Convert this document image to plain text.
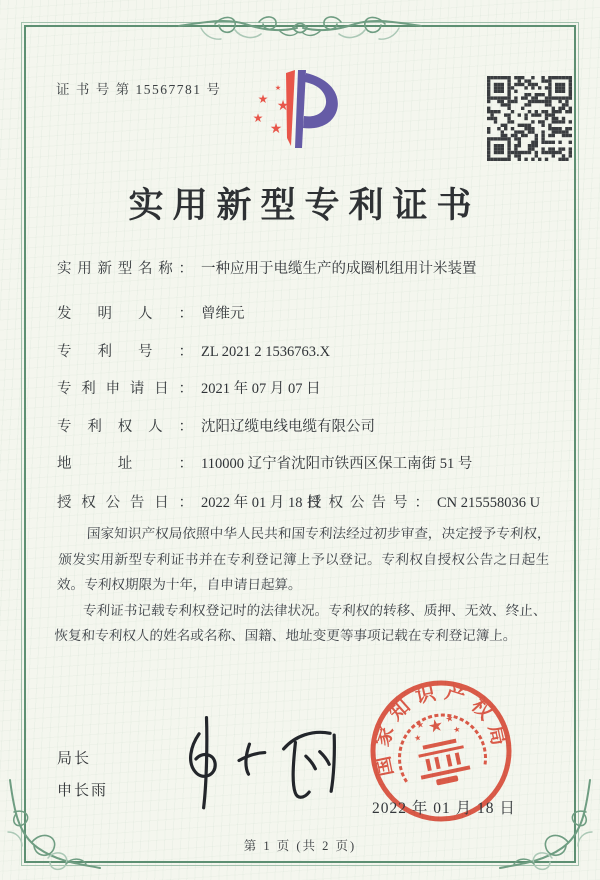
证 书 号 第 15567781 号
★ ★
★
★
★
实用新型专利证书
实用新型名称： 一种应用于电缆生产的成圈机组用计米装置
发明人： 曾维元
专利号： ZL 2021 2 1536763.X
专利申请日： 2021 年 07 月 07 日
专利权人： 沈阳辽缆电线电缆有限公司
地址： 110000 辽宁省沈阳市铁西区保工南街 51 号
授权公告日： 2022 年 01 月 18 日
授权公告号： CN 215558036 U

国家知识产权局依照中华人民共和国专利法经过初步审查，决定授予专利权，颁发实用新型专利证书并在专利登记簿上予以登记。专利权自授权公告之日起生效。专利权期限为十年，自申请日起算。

专利证书记载专利权登记时的法律状况。专利权的转移、质押、无效、终止、恢复和专利权人的姓名或名称、国籍、地址变更等事项记载在专利登记簿上。

局长
申长雨
国家知识产权局
★
★
★
★
★
2022 年 01 月 18 日
第 1 页 (共 2 页)
